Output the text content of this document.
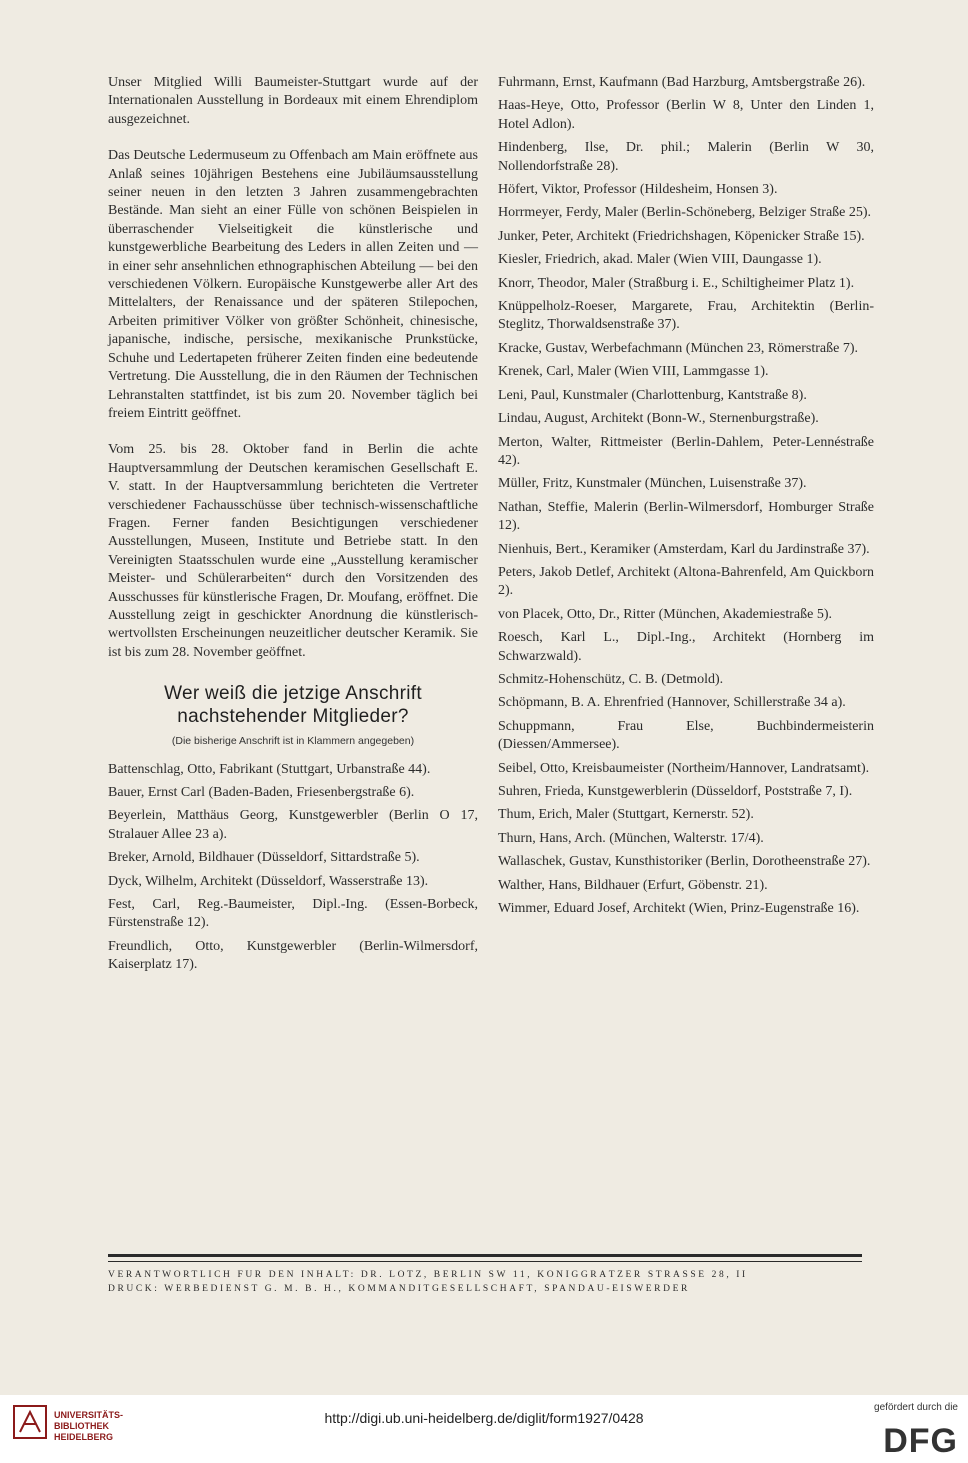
Unser Mitglied Willi Baumeister-Stuttgart wurde auf der Internationalen Ausstellung in Bordeaux mit einem Ehrendiplom ausgezeichnet.

Das Deutsche Ledermuseum zu Offenbach am Main eröffnete aus Anlaß seines 10jährigen Bestehens eine Jubiläumsausstellung seiner neuen in den letzten 3 Jahren zusammengebrachten Bestände. Man sieht an einer Fülle von schönen Beispielen in überraschender Vielseitigkeit die künstlerische und kunstgewerbliche Bearbeitung des Leders in allen Zeiten und — in einer sehr ansehnlichen ethnographischen Abteilung — bei den verschiedenen Völkern. Europäische Kunstgewerbe aller Art des Mittelalters, der Renaissance und der späteren Stilepochen, Arbeiten primitiver Völker von größter Schönheit, chinesische, japanische, indische, persische, mexikanische Prunkstücke, Schuhe und Ledertapeten früherer Zeiten finden eine bedeutende Vertretung. Die Ausstellung, die in den Räumen der Technischen Lehranstalten stattfindet, ist bis zum 20. November täglich bei freiem Eintritt geöffnet.

Vom 25. bis 28. Oktober fand in Berlin die achte Hauptversammlung der Deutschen keramischen Gesellschaft E. V. statt. In der Hauptversammlung berichteten die Vertreter verschiedener Fachausschüsse über technisch-wissenschaftliche Fragen. Ferner fanden Besichtigungen verschiedener Ausstellungen, Museen, Institute und Betriebe statt. In den Vereinigten Staatsschulen wurde eine „Ausstellung keramischer Meister- und Schülerarbeiten“ durch den Vorsitzenden des Ausschusses für künstlerische Fragen, Dr. Moufang, eröffnet. Die Ausstellung zeigt in geschickter Anordnung die künstlerisch-wertvollsten Erscheinungen neuzeitlicher deutscher Keramik. Sie ist bis zum 28. November geöffnet.

Wer weiß die jetzige Anschrift nachstehender Mitglieder?
(Die bisherige Anschrift ist in Klammern angegeben)

Battenschlag, Otto, Fabrikant (Stuttgart, Urbanstraße 44).

Bauer, Ernst Carl (Baden-Baden, Friesenbergstraße 6).

Beyerlein, Matthäus Georg, Kunstgewerbler (Berlin O 17, Stralauer Allee 23 a).

Breker, Arnold, Bildhauer (Düsseldorf, Sittardstraße 5).

Dyck, Wilhelm, Architekt (Düsseldorf, Wasserstraße 13).

Fest, Carl, Reg.-Baumeister, Dipl.-Ing. (Essen-Borbeck, Fürstenstraße 12).

Freundlich, Otto, Kunstgewerbler (Berlin-Wilmersdorf, Kaiserplatz 17).

Fuhrmann, Ernst, Kaufmann (Bad Harzburg, Amtsbergstraße 26).

Haas-Heye, Otto, Professor (Berlin W 8, Unter den Linden 1, Hotel Adlon).

Hindenberg, Ilse, Dr. phil.; Malerin (Berlin W 30, Nollendorfstraße 28).

Höfert, Viktor, Professor (Hildesheim, Honsen 3).

Horrmeyer, Ferdy, Maler (Berlin-Schöneberg, Belziger Straße 25).

Junker, Peter, Architekt (Friedrichshagen, Köpenicker Straße 15).

Kiesler, Friedrich, akad. Maler (Wien VIII, Daungasse 1).

Knorr, Theodor, Maler (Straßburg i. E., Schiltigheimer Platz 1).

Knüppelholz-Roeser, Margarete, Frau, Architektin (Berlin-Steglitz, Thorwaldsenstraße 37).

Kracke, Gustav, Werbefachmann (München 23, Römerstraße 7).

Krenek, Carl, Maler (Wien VIII, Lammgasse 1).

Leni, Paul, Kunstmaler (Charlottenburg, Kantstraße 8).

Lindau, August, Architekt (Bonn-W., Sternenburgstraße).

Merton, Walter, Rittmeister (Berlin-Dahlem, Peter-Lennéstraße 42).

Müller, Fritz, Kunstmaler (München, Luisenstraße 37).

Nathan, Steffie, Malerin (Berlin-Wilmersdorf, Homburger Straße 12).

Nienhuis, Bert., Keramiker (Amsterdam, Karl du Jardinstraße 37).

Peters, Jakob Detlef, Architekt (Altona-Bahrenfeld, Am Quickborn 2).

von Placek, Otto, Dr., Ritter (München, Akademiestraße 5).

Roesch, Karl L., Dipl.-Ing., Architekt (Hornberg im Schwarzwald).

Schmitz-Hohenschütz, C. B. (Detmold).

Schöpmann, B. A. Ehrenfried (Hannover, Schillerstraße 34 a).

Schuppmann, Frau Else, Buchbindermeisterin (Diessen/Ammersee).

Seibel, Otto, Kreisbaumeister (Northeim/Hannover, Landratsamt).

Suhren, Frieda, Kunstgewerblerin (Düsseldorf, Poststraße 7, I).

Thum, Erich, Maler (Stuttgart, Kernerstr. 52).

Thurn, Hans, Arch. (München, Walterstr. 17/4).

Wallaschek, Gustav, Kunsthistoriker (Berlin, Dorotheenstraße 27).

Walther, Hans, Bildhauer (Erfurt, Göbenstr. 21).

Wimmer, Eduard Josef, Architekt (Wien, Prinz-Eugenstraße 16).

VERANTWORTLICH FÜR DEN INHALT: DR. LOTZ, BERLIN SW 11, KÖNIGGRÄTZER STRASSE 28, II
DRUCK: WERBEDIENST G. M. B. H., KOMMANDITGESELLSCHAFT, SPANDAU-EISWERDER
UNIVERSITÄTS-
BIBLIOTHEK
HEIDELBERG
http://digi.ub.uni-heidelberg.de/diglit/form1927/0428
gefördert durch die
DFG
